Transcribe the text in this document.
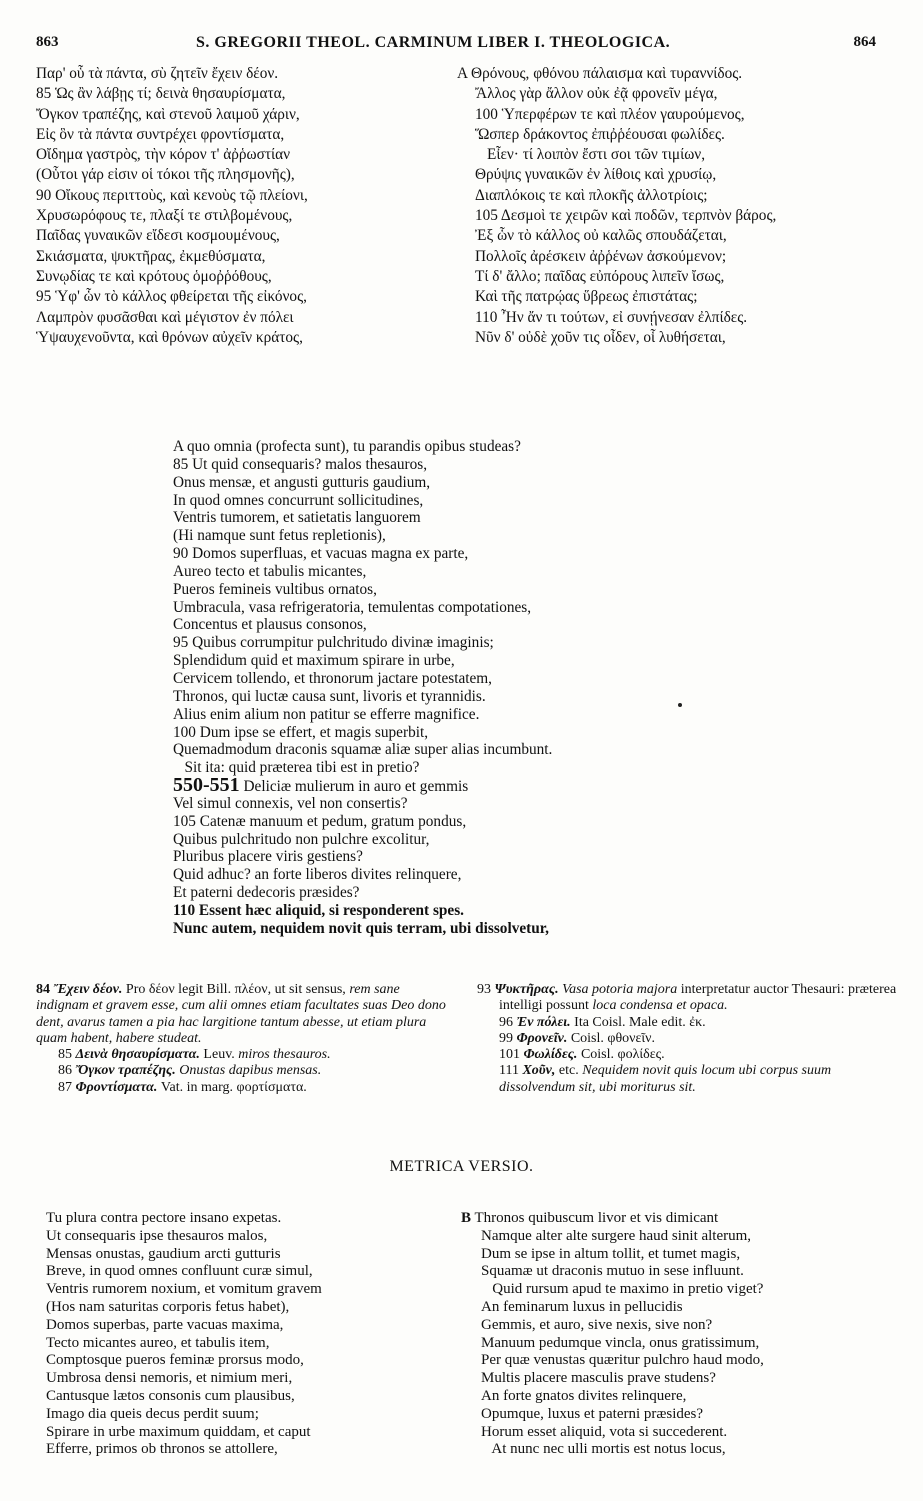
863	S. GREGORII THEOL. CARMINUM LIBER I. THEOLOGICA.	864
Παρ' οὗ τὰ πάντα, σὺ ζητεῖν ἔχειν δέον.
85 Ὡς ἂν λάβῃς τί; δεινὰ θησαυρίσματα,
Ὄγκον τραπέζης, καὶ στενοῦ λαιμοῦ χάριν,
Εἰς ὃν τὰ πάντα συντρέχει φροντίσματα,
Οἴδημα γαστρὸς, τὴν κόρον τ' ἀῤῥωστίαν
(Οὗτοι γάρ εἰσιν οἱ τόκοι τῆς πλησμονῆς),
90 Οἴκους περιττοὺς, καὶ κενοὺς τῷ πλείονι,
Χρυσωρόφους τε, πλαξί τε στιλβομένους,
Παῖδας γυναικῶν εἴδεσι κοσμουμένους,
Σκιάσματα, ψυκτῆρας, ἐκμεθύσματα,
Συνῳδίας τε καὶ κρότους ὁμοῤῥόθους,
95 Ὑφ' ὧν τὸ κάλλος φθείρεται τῆς εἰκόνος,
Λαμπρὸν φυσᾶσθαι καὶ μέγιστον ἐν πόλει
Ὑψαυχενοῦντα, καὶ θρόνων αὐχεῖν κράτος,
A Θρόνους, φθόνου πάλαισμα καὶ τυραννίδος.
Ἄλλος γὰρ ἄλλον οὐκ ἐᾷ φρονεῖν μέγα,
100 Ὑπερφέρων τε καὶ πλέον γαυρούμενος,
Ὥσπερ δράκοντος ἐπιῤῥέουσαι φωλίδες.
Εἶεν· τί λοιπὸν ἔστι σοι τῶν τιμίων,
Θρύψις γυναικῶν ἐν λίθοις καὶ χρυσίῳ,
Διαπλόκοις τε καὶ πλοκῆς ἀλλοτρίοις;
105 Δεσμοὶ τε χειρῶν καὶ ποδῶν, τερπνὸν βάρος,
Ἐξ ὧν τὸ κάλλος οὐ καλῶς σπουδάζεται,
Πολλοῖς ἀρέσκειν ἀῤῥένων ἀσκούμενον;
Τί δ' ἄλλο; παῖδας εὐπόρους λιπεῖν ἴσως,
Καὶ τῆς πατρῴας ὕβρεως ἐπιστάτας;
110 Ἦν ἄν τι τούτων, εἰ συνῄνεσαν ἐλπίδες.
Νῦν δ' οὐδὲ χοῦν τις οἶδεν, οἷ λυθήσεται,
A quo omnia (profecta sunt), tu parandis opibus studeas?
85 Ut quid consequaris? malos thesauros,
Onus mensæ, et angusti gutturis gaudium,
In quod omnes concurrunt sollicitudines,
Ventris tumorem, et satietatis languorem
(Hi namque sunt fetus repletionis),
90 Domos superfluas, et vacuas magna ex parte,
Aureo tecto et tabulis micantes,
Pueros femineis vultibus ornatos,
Umbracula, vasa refrigeratoria, temulentas compotationes,
Concentus et plausus consonos,
95 Quibus corrumpitur pulchritudo divinæ imaginis;
Splendidum quid et maximum spirare in urbe,
Cervicem tollendo, et thronorum jactare potestatem,
Thronos, qui luctæ causa sunt, livoris et tyrannidis.
Alius enim alium non patitur se efferre magnifice.
100 Dum ipse se effert, et magis superbit,
Quemadmodum draconis squamæ aliæ super alias incumbunt.
Sit ita: quid præterea tibi est in pretio?
550-551 Deliciæ mulierum in auro et gemmis
Vel simul connexis, vel non consertis?
105 Catenæ manuum et pedum, gratum pondus,
Quibus pulchritudo non pulchre excolitur,
Pluribus placere viris gestiens?
Quid adhuc? an forte liberos divites relinquere,
Et paterni dedecoris præsides?
110 Essent hæc aliquid, si responderent spes.
Nunc autem, nequidem novit quis terram, ubi dissolvetur,
84 Ἔχειν δέον. Pro δέον legit Bill. πλέον, ut sit sensus, rem sane indignam et gravem esse, cum alii omnes etiam facultates suas Deo dono dent, avarus tamen a pia hac largitione tantum abesse, ut etiam plura quam habent, habere studeat.
85 Δεινὰ θησαυρίσματα. Leuv. miros thesauros.
86 Ὄγκον τραπέζης. Onustas dapibus mensas.
87 Φροντίσματα. Vat. in marg. φορτίσματα.
93 Ψυκτῆρας. Vasa potoria majora interpretatur auctor Thesauri: præterea intelligi possunt loca condensa et opaca.
96 Ἐν πόλει. Ita Coisl. Male edit. ἐκ.
99 Φρονεῖν. Coisl. φθονεῖν.
101 Φωλίδες. Coisl. φολίδες.
111 Χοῦν, etc. Nequidem novit quis locum ubi corpus suum dissolvendum sit, ubi moriturus sit.
METRICA VERSIO.
Tu plura contra pectore insano expetas.
Ut consequaris ipse thesauros malos,
Mensas onustas, gaudium arcti gutturis
Breve, in quod omnes confluunt curæ simul,
Ventris rumorem noxium, et vomitum gravem
(Hos nam saturitas corporis fetus habet),
Domos superbas, parte vacuas maxima,
Tecto micantes aureo, et tabulis item,
Comptosque pueros feminæ prorsus modo,
Umbrosa densi nemoris, et nimium meri,
Cantusque lætos consonis cum plausibus,
Imago dia queis decus perdit suum;
Spirare in urbe maximum quiddam, et caput
Efferre, primos ob thronos se attollere,
B Thronos quibuscum livor et vis dimicant
Namque alter alte surgere haud sinit alterum,
Dum se ipse in altum tollit, et tumet magis,
Squamæ ut draconis mutuo in sese influunt.
Quid rursum apud te maximo in pretio viget?
An feminarum luxus in pellucidis
Gemmis, et auro, sive nexis, sive non?
Manuum pedumque vincla, onus gratissimum,
Per quæ venustas quæritur pulchro haud modo,
Multis placere masculis prave studens?
An forte gnatos divites relinquere,
Opumque, luxus et paterni præsides?
Horum esset aliquid, vota si succederent.
At nunc nec ulli mortis est notus locus,
